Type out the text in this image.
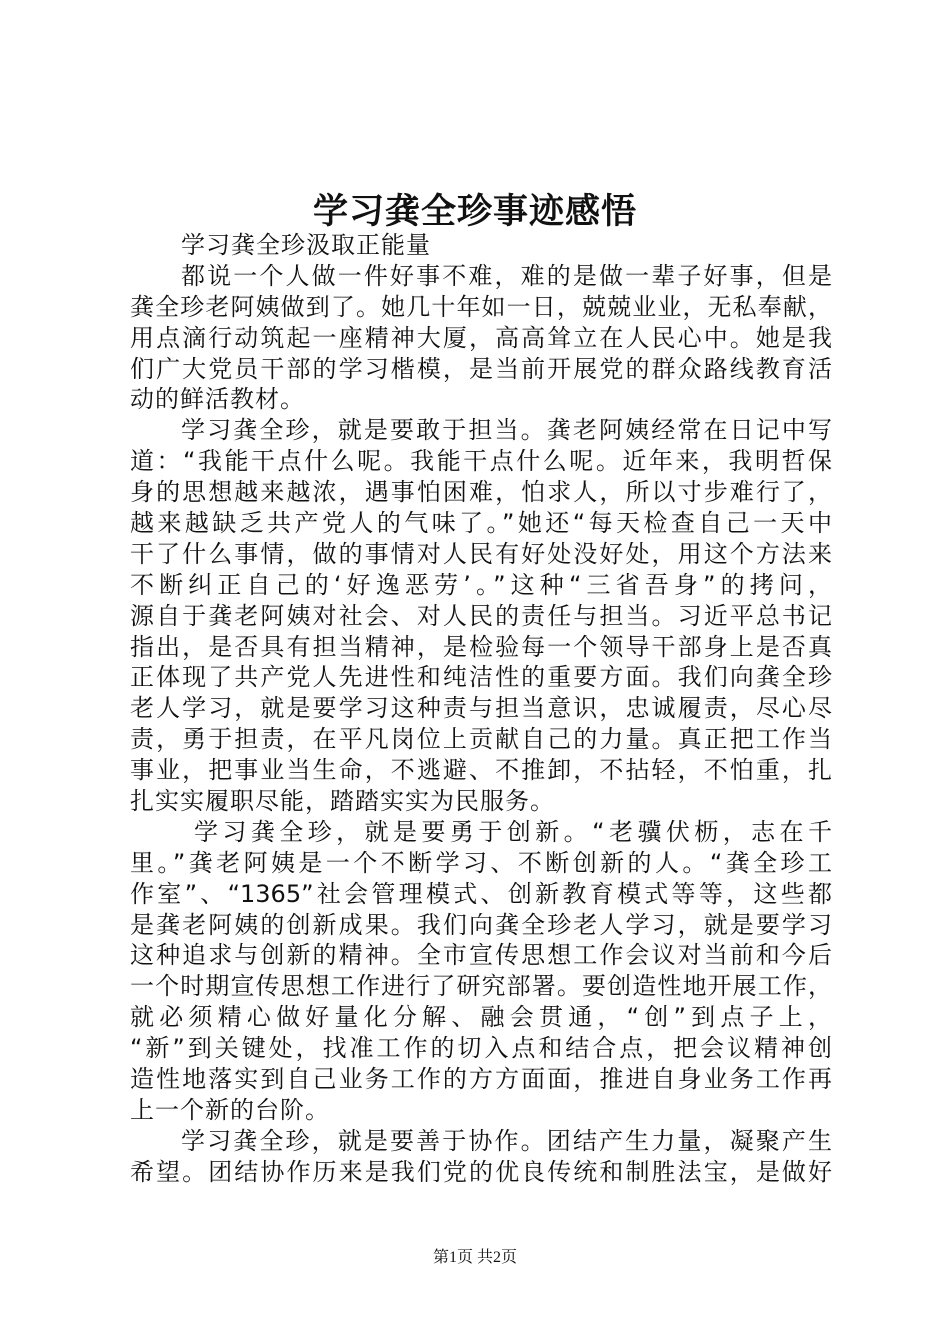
学习龚全珍事迹感悟
学习龚全珍汲取正能量
都说一个人做一件好事不难，难的是做一辈子好事，但是
龚全珍老阿姨做到了。她几十年如一日，兢兢业业，无私奉献，
用点滴行动筑起一座精神大厦，高高耸立在人民心中。她是我
们广大党员干部的学习楷模，是当前开展党的群众路线教育活
动的鲜活教材。
学习龚全珍，就是要敢于担当。龚老阿姨经常在日记中写
道：“我能干点什么呢。我能干点什么呢。近年来，我明哲保
身的思想越来越浓，遇事怕困难，怕求人，所以寸步难行了，
越来越缺乏共产党人的气味了。”她还“每天检查自己一天中
干了什么事情，做的事情对人民有好处没好处，用这个方法来
不断纠正自己的‘好逸恶劳’。”这种“三省吾身”的拷问，
源自于龚老阿姨对社会、对人民的责任与担当。习近平总书记
指出，是否具有担当精神，是检验每一个领导干部身上是否真
正体现了共产党人先进性和纯洁性的重要方面。我们向龚全珍
老人学习，就是要学习这种责与担当意识，忠诚履责，尽心尽
责，勇于担责，在平凡岗位上贡献自己的力量。真正把工作当
事业，把事业当生命，不逃避、不推卸，不拈轻，不怕重，扎
扎实实履职尽能，踏踏实实为民服务。
学习龚全珍，就是要勇于创新。“老骥伏枥，志在千
里。”龚老阿姨是一个不断学习、不断创新的人。“龚全珍工
作室”、“1365”社会管理模式、创新教育模式等等，这些都
是龚老阿姨的创新成果。我们向龚全珍老人学习，就是要学习
这种追求与创新的精神。全市宣传思想工作会议对当前和今后
一个时期宣传思想工作进行了研究部署。要创造性地开展工作，
就必须精心做好量化分解、融会贯通，“创”到点子上，
“新”到关键处，找准工作的切入点和结合点，把会议精神创
造性地落实到自己业务工作的方方面面，推进自身业务工作再
上一个新的台阶。
学习龚全珍，就是要善于协作。团结产生力量，凝聚产生
希望。团结协作历来是我们党的优良传统和制胜法宝，是做好
第1页 共2页
